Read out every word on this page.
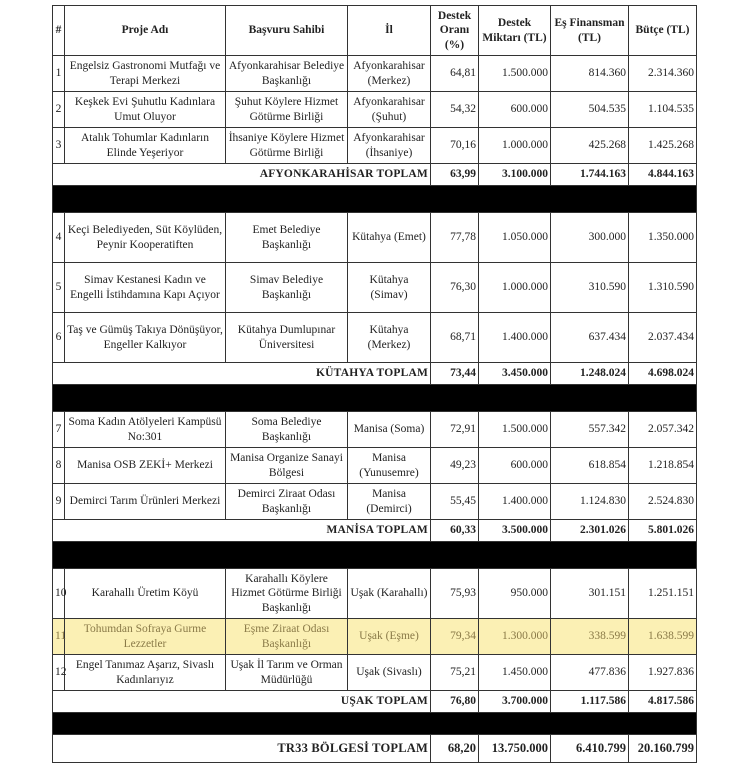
#	Proje Adı	Başvuru Sahibi	İl	Destek Oranı (%)	Destek Miktarı (TL)	Eş Finansman (TL)	Bütçe (TL)
1	Engelsiz Gastronomi Mutfağı ve Terapi Merkezi	Afyonkarahisar Belediye Başkanlığı	Afyonkarahisar (Merkez)	64,81	1.500.000	814.360	2.314.360
2	Keşkek Evi Şuhutlu Kadınlara Umut Oluyor	Şuhut Köylere Hizmet Götürme Birliği	Afyonkarahisar (Şuhut)	54,32	600.000	504.535	1.104.535
3	Atalık Tohumlar Kadınların Elinde Yeşeriyor	İhsaniye Köylere Hizmet Götürme Birliği	Afyonkarahisar (İhsaniye)	70,16	1.000.000	425.268	1.425.268
AFYONKARAHİSAR TOPLAM				63,99	3.100.000	1.744.163	4.844.163

4	Keçi Belediyeden, Süt Köylüden, Peynir Kooperatiften	Emet Belediye Başkanlığı	Kütahya (Emet)	77,78	1.050.000	300.000	1.350.000
5	Simav Kestanesi Kadın ve Engelli İstihdamına Kapı Açıyor	Simav Belediye Başkanlığı	Kütahya (Simav)	76,30	1.000.000	310.590	1.310.590
6	Taş ve Gümüş Takıya Dönüşüyor, Engeller Kalkıyor	Kütahya Dumlupınar Üniversitesi	Kütahya (Merkez)	68,71	1.400.000	637.434	2.037.434
KÜTAHYA TOPLAM				73,44	3.450.000	1.248.024	4.698.024

7	Soma Kadın Atölyeleri Kampüsü No:301	Soma Belediye Başkanlığı	Manisa (Soma)	72,91	1.500.000	557.342	2.057.342
8	Manisa OSB ZEKİ+ Merkezi	Manisa Organize Sanayi Bölgesi	Manisa (Yunusemre)	49,23	600.000	618.854	1.218.854
9	Demirci Tarım Ürünleri Merkezi	Demirci Ziraat Odası Başkanlığı	Manisa (Demirci)	55,45	1.400.000	1.124.830	2.524.830
MANİSA TOPLAM				60,33	3.500.000	2.301.026	5.801.026

10	Karahallı Üretim Köyü	Karahallı Köylere Hizmet Götürme Birliği Başkanlığı	Uşak (Karahallı)	75,93	950.000	301.151	1.251.151
11	Tohumdan Sofraya Gurme Lezzetler	Eşme Ziraat Odası Başkanlığı	Uşak (Eşme)	79,34	1.300.000	338.599	1.638.599
12	Engel Tanımaz Aşarız, Sivaslı Kadınlarıyız	Uşak İl Tarım ve Orman Müdürlüğü	Uşak (Sivaslı)	75,21	1.450.000	477.836	1.927.836
UŞAK TOPLAM				76,80	3.700.000	1.117.586	4.817.586

TR33 BÖLGESİ TOPLAM				68,20	13.750.000	6.410.799	20.160.799
